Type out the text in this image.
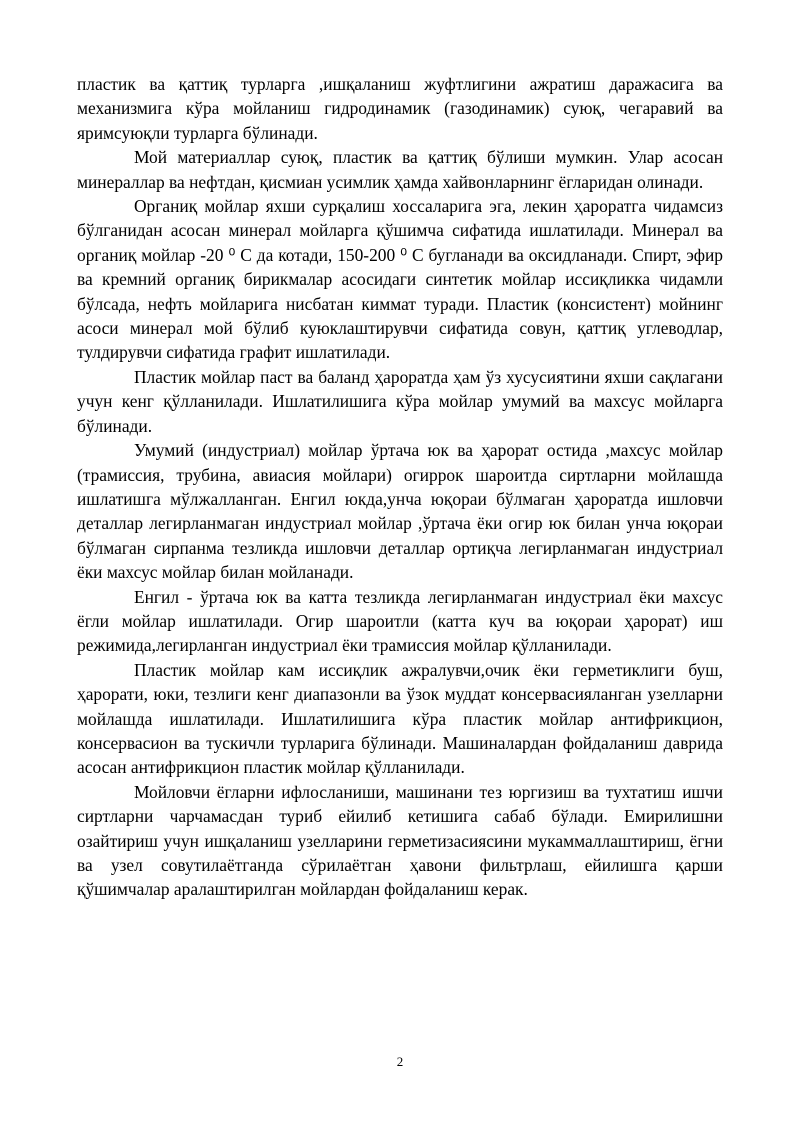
пластик ва қаттиқ турларга ,ишқаланиш жуфтлигини ажратиш даражасига ва механизмига кўра мойланиш гидродинамик (газодинамик) суюқ, чегаравий ва яримсуюқли турларга бўлинади.

Мой материаллар суюқ, пластик ва қаттиқ бўлиши мумкин. Улар асосан минераллар ва нефтдан, қисмиан усимлик ҳамда хайвонларнинг ёгларидан олинади.

Органиқ мойлар яхши сурқалиш хоссаларига эга, лекин ҳароратга чидамсиз бўлганидан асосан минерал мойларга қўшимча сифатида ишлатилади. Минерал ва органиқ мойлар -20 ⁰ С да котади, 150-200 ⁰ С бугланади ва оксидланади. Спирт, эфир ва кремний органиқ бирикмалар асосидаги синтетик мойлар иссиқликка чидамли бўлсада, нефть мойларига нисбатан киммат туради. Пластик (консистент) мойнинг асоси минерал мой бўлиб куюклаштирувчи сифатида совун, қаттиқ углеводлар, тулдирувчи сифатида графит ишлатилади.

Пластик мойлар паст ва баланд ҳароратда ҳам ўз хусусиятини яхши сақлагани учун кенг қўлланилади. Ишлатилишига кўра мойлар умумий ва махсус мойларга бўлинади.

Умумий (индустриал) мойлар ўртача юк ва ҳарорат остида ,махсус мойлар (трамиссия, трубина, авиасия мойлари) огиррок шароитда сиртларни мойлашда ишлатишга мўлжалланган. Енгил юкда,унча юқораи бўлмаган ҳароратда ишловчи деталлар легирланмаган индустриал мойлар ,ўртача ёки огир юк билан унча юқораи бўлмаган сирпанма тезликда ишловчи деталлар ортиқча легирланмаган индустриал ёки махсус мойлар билан мойланади.

Енгил - ўртача юк ва катта тезликда легирланмаган индустриал ёки махсус ёгли мойлар ишлатилади. Огир шароитли (катта куч ва юқораи ҳарорат) иш режимида,легирланган индустриал ёки трамиссия мойлар қўлланилади.

Пластик мойлар кам иссиқлик ажралувчи,очик ёки герметиклиги буш, ҳарорати, юки, тезлиги кенг диапазонли ва ўзок муддат консервасияланган узелларни мойлашда ишлатилади. Ишлатилишига кўра пластик мойлар антифрикцион, консервасион ва тускичли турларига бўлинади. Машиналардан фойдаланиш даврида асосан антифрикцион пластик мойлар қўлланилади.

Мойловчи ёгларни ифлосланиши, машинани тез юргизиш ва тухтатиш ишчи сиртларни чарчамасдан туриб ейилиб кетишига сабаб бўлади. Емирилишни озайтириш учун ишқаланиш узелларини герметизасиясини мукаммаллаштириш, ёгни ва узел совутилаётганда сўрилаётган ҳавони фильтрлаш, ейилишга қарши қўшимчалар аралаштирилган мойлардан фойдаланиш керак.

2
